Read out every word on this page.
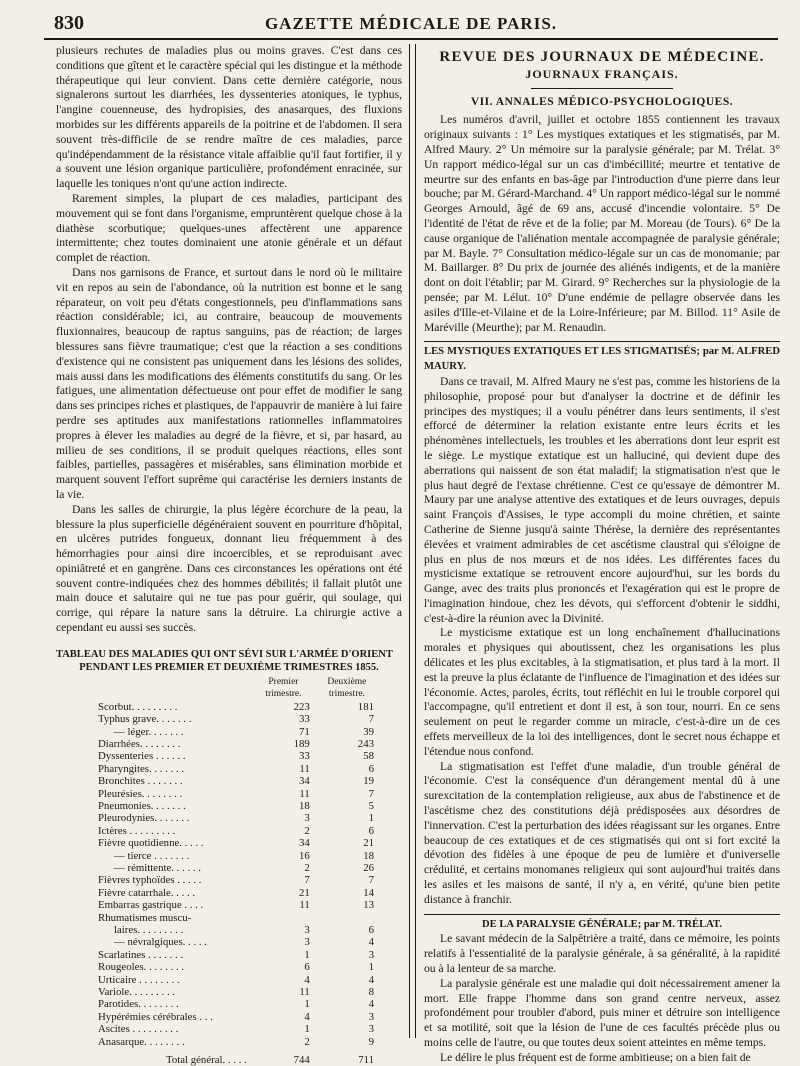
830	GAZETTE MÉDICALE DE PARIS.

plusieurs rechutes de maladies plus ou moins graves. C'est dans ces conditions que gîtent et le caractère spécial qui les distingue et la méthode thérapeutique qui leur convient. Dans cette dernière catégorie, nous signalerons surtout les diarrhées, les dyssenteries atoniques, le typhus, l'angine couenneuse, des hydropisies, des anasarques, des fluxions morbides sur les différents appareils de la poitrine et de l'abdomen. Il sera souvent très-difficile de se rendre maître de ces maladies, parce qu'indépendamment de la résistance vitale affaiblie qu'il faut fortifier, il y a souvent une lésion organique particulière, profondément enracinée, sur laquelle les toniques n'ont qu'une action indirecte.

Rarement simples, la plupart de ces maladies, participant des mouvement qui se font dans l'organisme, empruntèrent quelque chose à la diathèse scorbutique; quelques-unes affectèrent une apparence intermittente; chez toutes dominaient une atonie générale et un défaut complet de réaction.

Dans nos garnisons de France, et surtout dans le nord où le militaire vit en repos au sein de l'abondance, où la nutrition est bonne et le sang réparateur, on voit peu d'états congestionnels, peu d'inflammations sans réaction considérable; ici, au contraire, beaucoup de mouvements fluxionnaires, beaucoup de raptus sanguins, pas de réaction; de larges blessures sans fièvre traumatique; c'est que la réaction a ses conditions d'existence qui ne consistent pas uniquement dans les lésions des solides, mais aussi dans les modifications des éléments constitutifs du sang. Or les fatigues, une alimentation défectueuse ont pour effet de modifier le sang dans ses principes riches et plastiques, de l'appauvrir de manière à lui faire perdre ses aptitudes aux manifestations rationnelles inflammatoires propres à élever les maladies au degré de la fièvre, et si, par hasard, au milieu de ses conditions, il se produit quelques réactions, elles sont faibles, partielles, passagères et misérables, sans élimination morbide et marquent souvent l'effort suprême qui caractérise les derniers instants de la vie.

Dans les salles de chirurgie, la plus légère écorchure de la peau, la blessure la plus superficielle dégénéraient souvent en pourriture d'hôpital, en ulcères putrides fongueux, donnant lieu fréquemment à des hémorrhagies pour ainsi dire incoercibles, et se reproduisant avec opiniâtreté et en gangrène. Dans ces circonstances les opérations ont été souvent contre-indiquées chez des hommes débilités; il fallait plutôt une main douce et salutaire qui ne tue pas pour guérir, qui soulage, qui corrige, qui répare la nature sans la détruire. La chirurgie active a cependant eu aussi ses succès.

TABLEAU DES MALADIES QUI ONT SÉVI SUR L'ARMÉE D'ORIENT
PENDANT LES PREMIER ET DEUXIÈME TRIMESTRES 1855.
	Premier trimestre.	Deuxième trimestre.
Scorbut. . . . . . . . .	223	181
Typhus grave. . . . . . .	33	7
— léger. . . . . . .	71	39
Diarrhées. . . . . . . .	189	243
Dyssenteries . . . . . .	33	58
Pharyngites. . . . . . .	11	6
Bronchites . . . . . . .	34	19
Pleurésies. . . . . . . .	11	7
Pneumonies. . . . . . .	18	5
Pleurodynies. . . . . . .	3	1
Ictères . . . . . . . . .	2	6
Fièvre quotidienne. . . . .	34	21
— tierce . . . . . . .	16	18
— rémittente. . . . . .	2	26
Fièvres typhoïdes . . . . .	7	7
Fièvre catarrhale. . . . .	21	14
Embarras gastrique . . . .	11	13
Rhumatismes muscu-		
laires. . . . . . . . .	3	6
— névralgiques. . . . .	3	4
Scarlatines . . . . . . .	1	3
Rougeoles. . . . . . . .	6	1
Urticaire . . . . . . . .	4	4
Variole. . . . . . . . .	11	8
Parotides. . . . . . . .	1	4
Hypérémies cérébrales . . .	4	3
Ascites . . . . . . . . .	1	3
Anasarque. . . . . . . .	2	9
Total général. . . . .	744	711
REVUE DES JOURNAUX DE MÉDECINE.
JOURNAUX FRANÇAIS.
VII. ANNALES MÉDICO-PSYCHOLOGIQUES.

Les numéros d'avril, juillet et octobre 1855 contiennent les travaux originaux suivants : 1° Les mystiques extatiques et les stigmatisés, par M. Alfred Maury. 2° Un mémoire sur la paralysie générale; par M. Trélat. 3° Un rapport médico-légal sur un cas d'imbécillité; meurtre et tentative de meurtre sur des enfants en bas-âge par l'introduction d'une pierre dans leur bouche; par M. Gérard-Marchand. 4° Un rapport médico-légal sur le nommé Georges Arnould, âgé de 69 ans, accusé d'incendie volontaire. 5° De l'identité de l'état de rêve et de la folie; par M. Moreau (de Tours). 6° De la cause organique de l'aliénation mentale accompagnée de paralysie générale; par M. Bayle. 7° Consultation médico-légale sur un cas de monomanie; par M. Baillarger. 8° Du prix de journée des aliénés indigents, et de la manière dont on doit l'établir; par M. Girard. 9° Recherches sur la physiologie de la pensée; par M. Lélut. 10° D'une endémie de pellagre observée dans les asiles d'Ille-et-Vilaine et de la Loire-Inférieure; par M. Billod. 11° Asile de Maréville (Meurthe); par M. Renaudin.

LES MYSTIQUES EXTATIQUES ET LES STIGMATISÉS; par M. ALFRED MAURY.

Dans ce travail, M. Alfred Maury ne s'est pas, comme les historiens de la philosophie, proposé pour but d'analyser la doctrine et de définir les principes des mystiques; il a voulu pénétrer dans leurs sentiments, il s'est efforcé de déterminer la relation existante entre leurs écrits et les phénomènes intellectuels, les troubles et les aberrations dont leur esprit est le siège. Le mystique extatique est un halluciné, qui devient dupe des aberrations qui naissent de son état maladif; la stigmatisation n'est que le plus haut degré de l'extase chrétienne. C'est ce qu'essaye de démontrer M. Maury par une analyse attentive des extatiques et de leurs ouvrages, depuis saint François d'Assises, le type accompli du moine chrétien, et sainte Catherine de Sienne jusqu'à sainte Thérèse, la dernière des représentantes élevées et vraiment admirables de cet ascétisme claustral qui s'éloigne de plus en plus de nos mœurs et de nos idées. Les différentes faces du mysticisme extatique se retrouvent encore aujourd'hui, sur les bords du Gange, avec des traits plus prononcés et l'exagération qui est le propre de l'imagination hindoue, chez les dévots, qui s'efforcent d'obtenir le siddhi, c'est-à-dire la réunion avec la Divinité.

Le mysticisme extatique est un long enchaînement d'hallucinations morales et physiques qui aboutissent, chez les organisations les plus délicates et les plus excitables, à la stigmatisation, et plus tard à la mort. Il est la preuve la plus éclatante de l'influence de l'imagination et des idées sur l'économie. Actes, paroles, écrits, tout réfléchit en lui le trouble corporel qui l'accompagne, qu'il entretient et dont il est, à son tour, nourri. En ce sens seulement on peut le regarder comme un miracle, c'est-à-dire un de ces effets merveilleux de la loi des intelligences, dont le secret nous échappe et l'étendue nous confond.

La stigmatisation est l'effet d'une maladie, d'un trouble général de l'économie. C'est la conséquence d'un dérangement mental dû à une surexcitation de la contemplation religieuse, aux abus de l'abstinence et de l'ascétisme chez des constitutions déjà prédisposées aux désordres de l'innervation. C'est la perturbation des idées réagissant sur les organes. Entre beaucoup de ces extatiques et de ces stigmatisés qui ont si fort excité la dévotion des fidèles à une époque de peu de lumière et d'universelle crédulité, et certains monomanes religieux qui sont aujourd'hui traités dans les asiles et les maisons de santé, il n'y a, en vérité, qu'une bien petite distance à franchir.

DE LA PARALYSIE GÉNÉRALE; par M. TRÉLAT.

Le savant médecin de la Salpêtrière a traité, dans ce mémoire, les points relatifs à l'essentialité de la paralysie générale, à sa généralité, à la rapidité ou à la lenteur de sa marche.

La paralysie générale est une maladie qui doit nécessairement amener la mort. Elle frappe l'homme dans son grand centre nerveux, assez profondément pour troubler d'abord, puis miner et détruire son intelligence et sa motilité, soit que la lésion de l'une de ces facultés précède plus ou moins celle de l'autre, ou que toutes deux soient atteintes en même temps.

Le délire le plus fréquent est de forme ambitieuse; on a bien fait de
